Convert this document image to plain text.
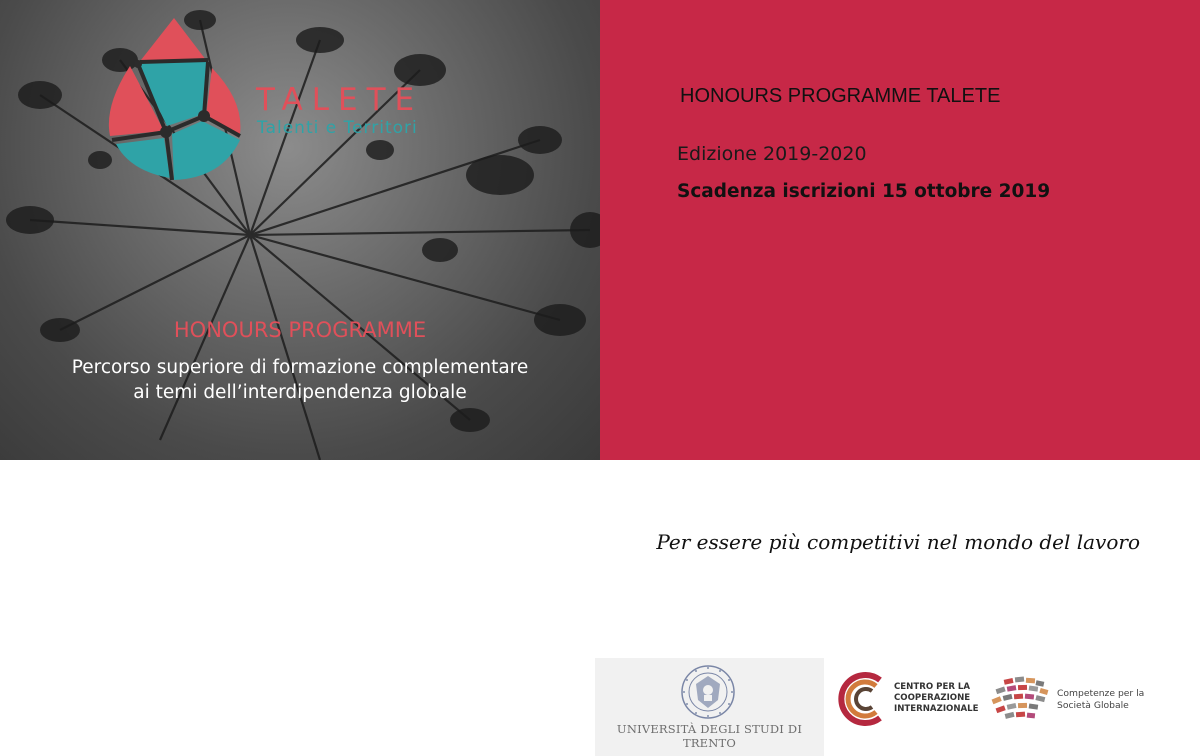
TALETE

Talenti e Territori

HONOURS PROGRAMME

Percorso superiore di formazione complementare
ai temi dell’interdipendenza globale

HONOURS PROGRAMME TALETE

Edizione 2019-2020

Scadenza iscrizioni 15 ottobre 2019

Per essere più competitivi nel mondo del lavoro

UNIVERSITÀ DEGLI STUDI DI TRENTO
CENTRO PER LA
COOPERAZIONE
INTERNAZIONALE
Competenze per la
Società Globale
